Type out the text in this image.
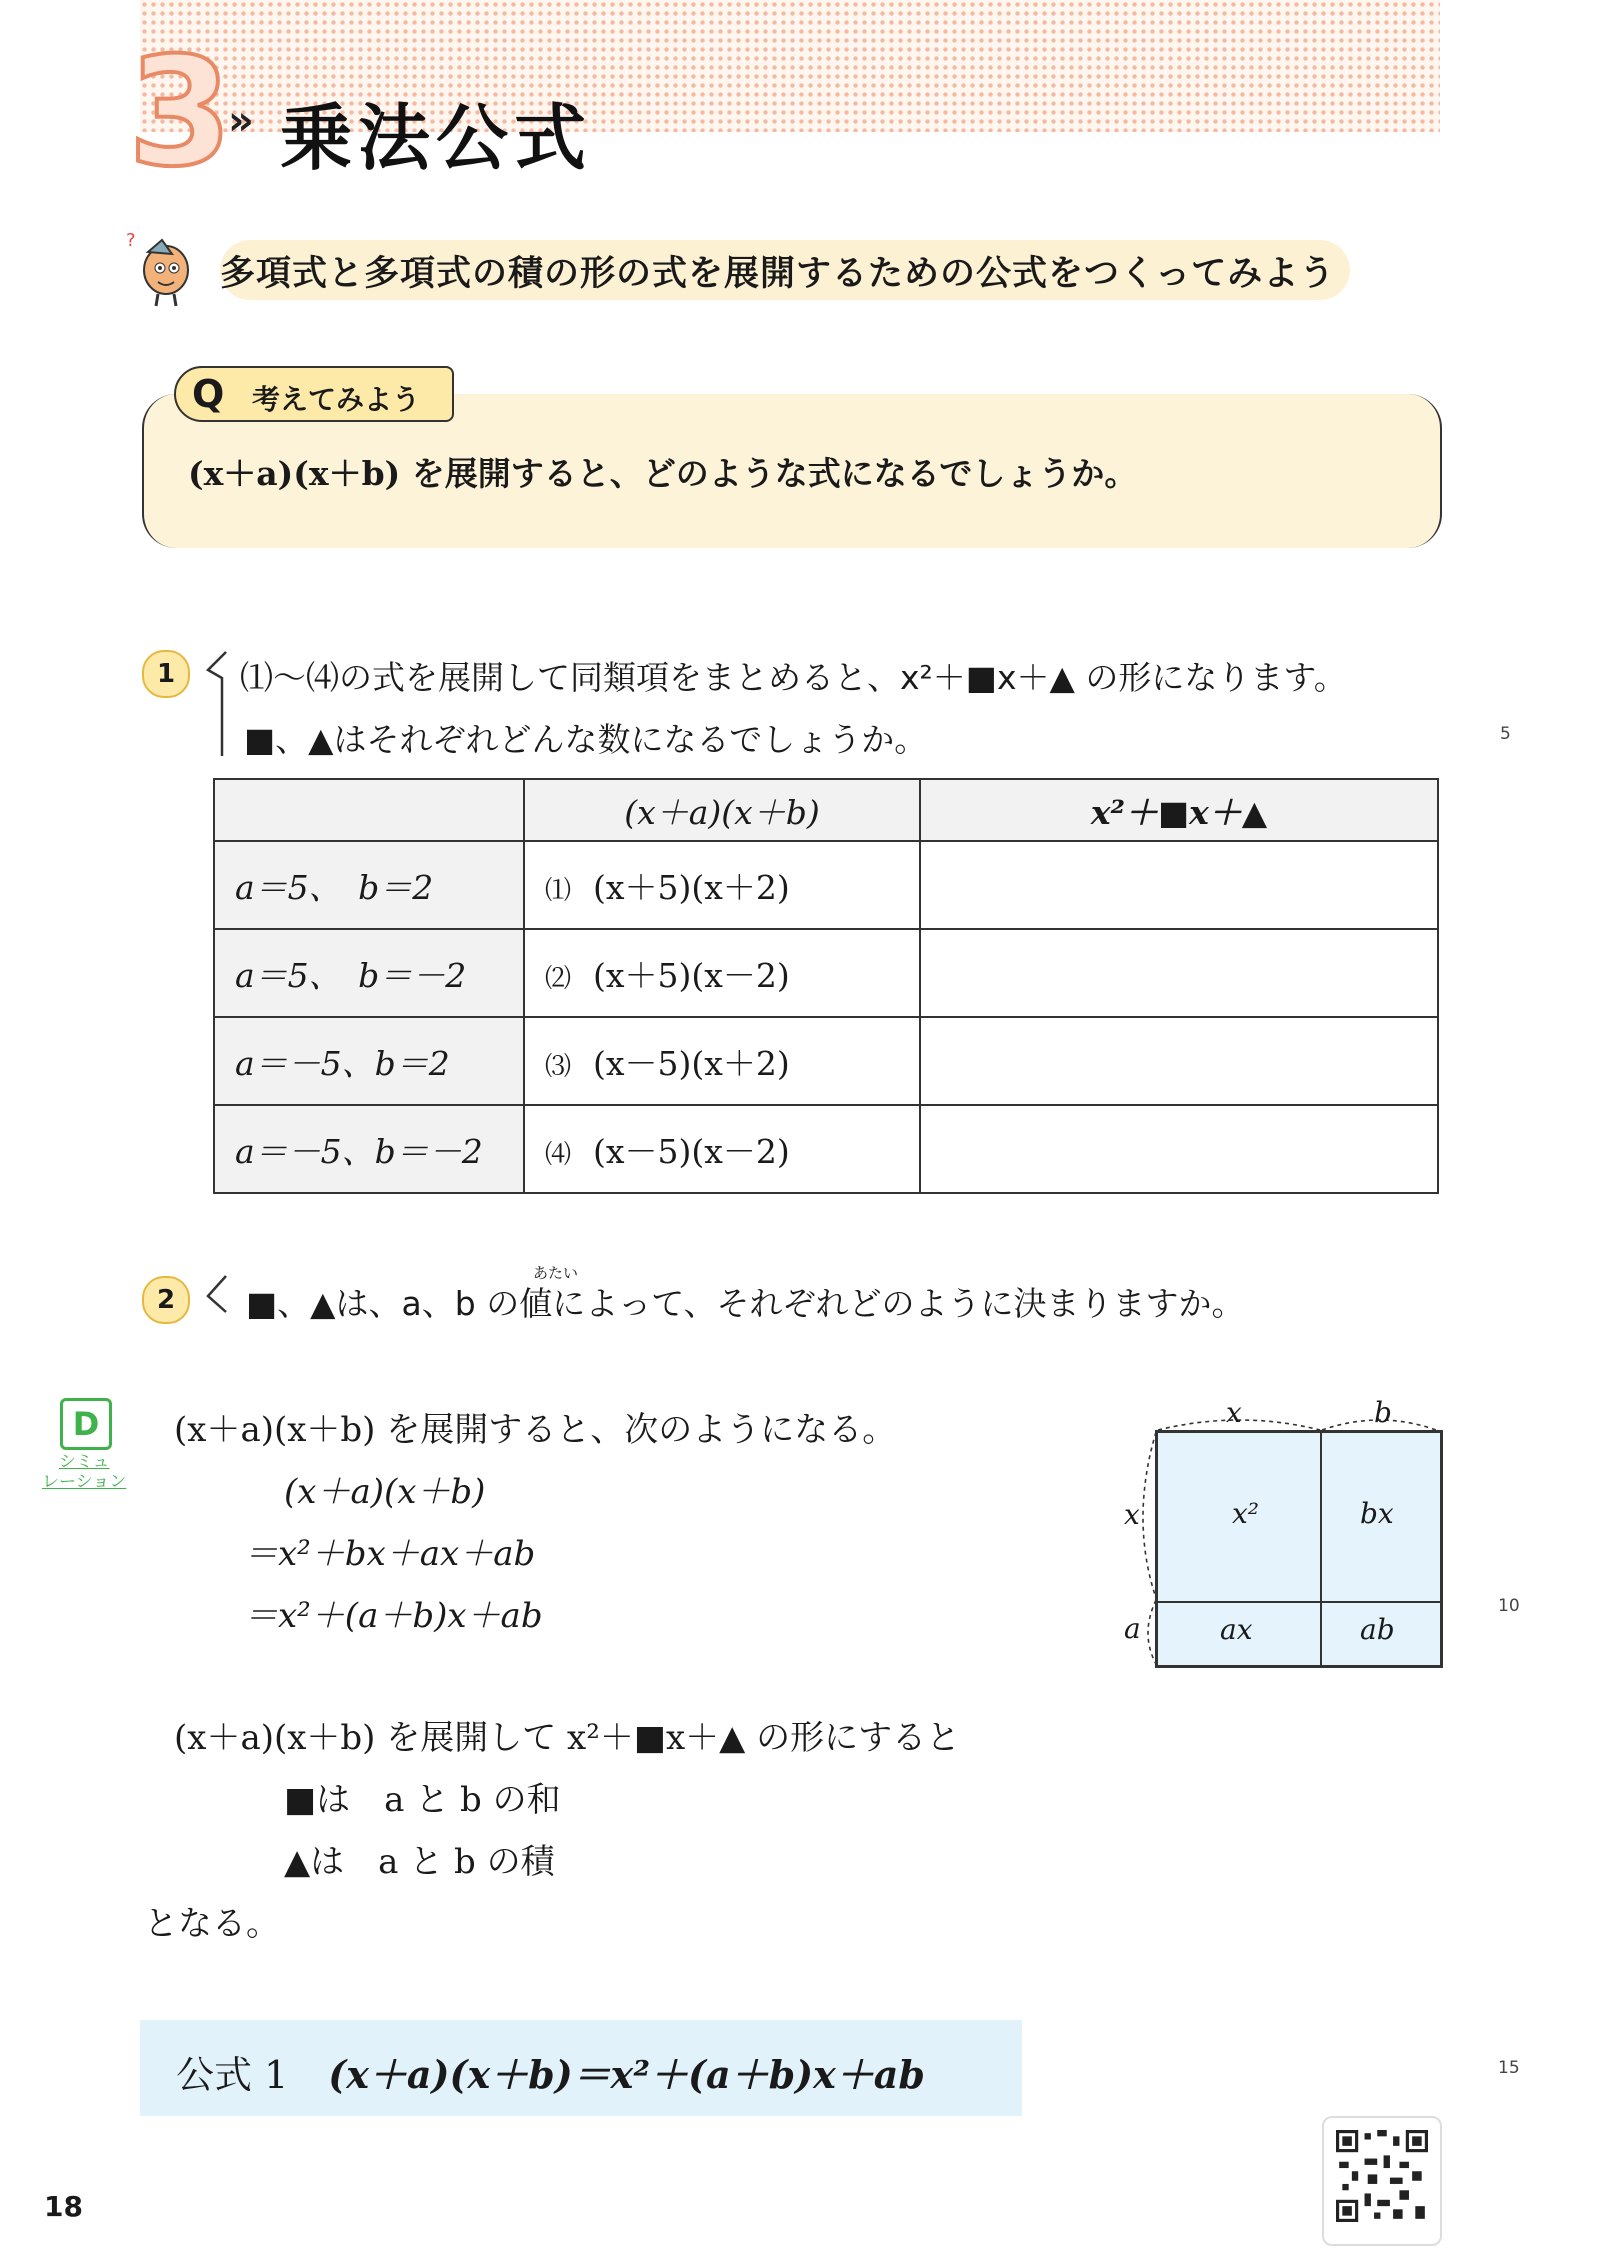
3
» 乗法公式
?
多項式と多項式の積の形の式を展開するための公式をつくってみよう
Q 考えてみよう
(x＋a)(x＋b) を展開すると、どのような式になるでしょうか。
1	⑴～⑷の式を展開して同類項をまとめると、x²＋■x＋▲ の形になります。
■、▲はそれぞれどんな数になるでしょうか。	5
	(x＋a)(x＋b)	x²＋■x＋▲
a＝5、　b＝2	⑴ (x＋5)(x＋2)	
a＝5、　b＝－2	⑵ (x＋5)(x－2)	
a＝－5、b＝2	⑶ (x－5)(x＋2)	
a＝－5、b＝－2	⑷ (x－5)(x－2)	
2
あたい
■、▲は、a、b の値によって、それぞれどのように決まりますか。
D
シミュ
レーション
(x＋a)(x＋b) を展開すると、次のようになる。
(x＋a)(x＋b)
＝x²＋bx＋ax＋ab
＝x²＋(a＋b)x＋ab
x²	bx
ax	ab
x	b
x
a
10
(x＋a)(x＋b) を展開して x²＋■x＋▲ の形にすると
■は　a と b の和
▲は　a と b の積
となる。
公式 1 (x＋a)(x＋b)＝x²＋(a＋b)x＋ab	15
18
